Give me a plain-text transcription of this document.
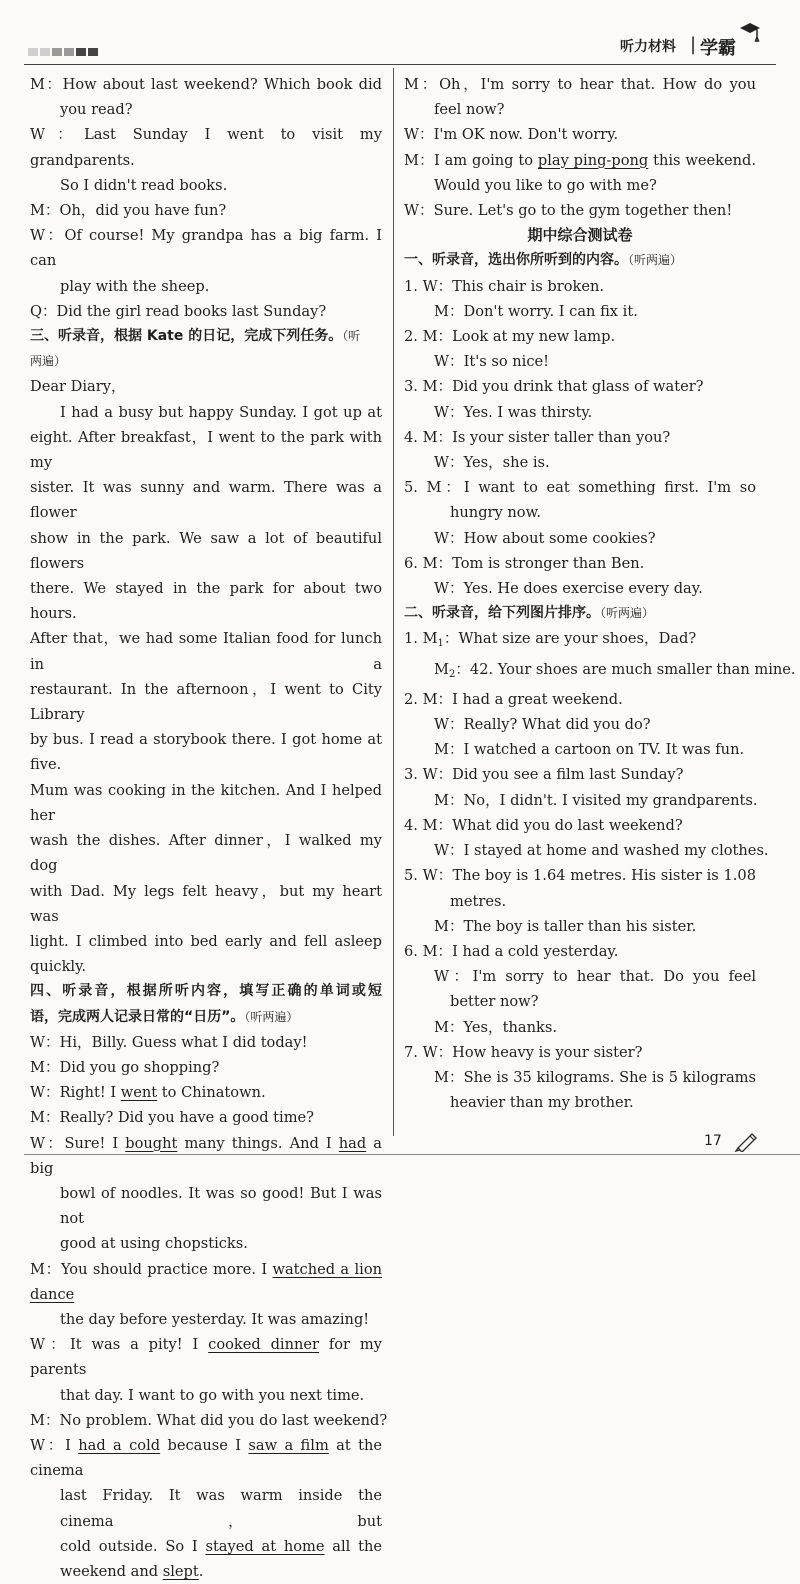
听力材料 | 学霸
M：How about last weekend? Which book did
you read?
W：Last Sunday I went to visit my grandparents.
So I didn't read books.
M：Oh，did you have fun?
W：Of course! My grandpa has a big farm. I can
play with the sheep.
Q：Did the girl read books last Sunday?
三、听录音，根据 Kate 的日记，完成下列任务。（听
两遍）
Dear Diary，
I had a busy but happy Sunday. I got up at
eight. After breakfast，I went to the park with my
sister. It was sunny and warm. There was a flower
show in the park. We saw a lot of beautiful flowers
there. We stayed in the park for about two hours.
After that，we had some Italian food for lunch in a
restaurant. In the afternoon，I went to City Library
by bus. I read a storybook there. I got home at five.
Mum was cooking in the kitchen. And I helped her
wash the dishes. After dinner，I walked my dog
with Dad. My legs felt heavy，but my heart was
light. I climbed into bed early and fell asleep
quickly.
四、听录音，根据所听内容，填写正确的单词或短
语，完成两人记录日常的“日历”。（听两遍）
W：Hi，Billy. Guess what I did today!
M：Did you go shopping?
W：Right! I went to Chinatown.
M：Really? Did you have a good time?
W：Sure! I bought many things. And I had a big
bowl of noodles. It was so good! But I was not
good at using chopsticks.
M：You should practice more. I watched a lion dance
the day before yesterday. It was amazing!
W：It was a pity! I cooked dinner for my parents
that day. I want to go with you next time.
M：No problem. What did you do last weekend?
W：I had a cold because I saw a film at the cinema
last Friday. It was warm inside the cinema，but
cold outside. So I stayed at home all the
weekend and slept.
M：Oh，I'm sorry to hear that. How do you
feel now?
W：I'm OK now. Don't worry.
M：I am going to play ping-pong this weekend.
Would you like to go with me?
W：Sure. Let's go to the gym together then!
期中综合测试卷
一、听录音，选出你所听到的内容。（听两遍）
1. W：This chair is broken.
M：Don't worry. I can fix it.
2. M：Look at my new lamp.
W：It's so nice!
3. M：Did you drink that glass of water?
W：Yes. I was thirsty.
4. M：Is your sister taller than you?
W：Yes，she is.
5. M：I want to eat something first. I'm so
hungry now.
W：How about some cookies?
6. M：Tom is stronger than Ben.
W：Yes. He does exercise every day.
二、听录音，给下列图片排序。（听两遍）
1. $M_1$：What size are your shoes，Dad?
$M_2$：42. Your shoes are much smaller than mine.
2. M：I had a great weekend.
W：Really? What did you do?
M：I watched a cartoon on TV. It was fun.
3. W：Did you see a film last Sunday?
M：No，I didn't. I visited my grandparents.
4. M：What did you do last weekend?
W：I stayed at home and washed my clothes.
5. W：The boy is 1.64 metres. His sister is 1.08
metres.
M：The boy is taller than his sister.
6. M：I had a cold yesterday.
W：I'm sorry to hear that. Do you feel
better now?
M：Yes，thanks.
7. W：How heavy is your sister?
M：She is 35 kilograms. She is 5 kilograms
heavier than my brother.
17
